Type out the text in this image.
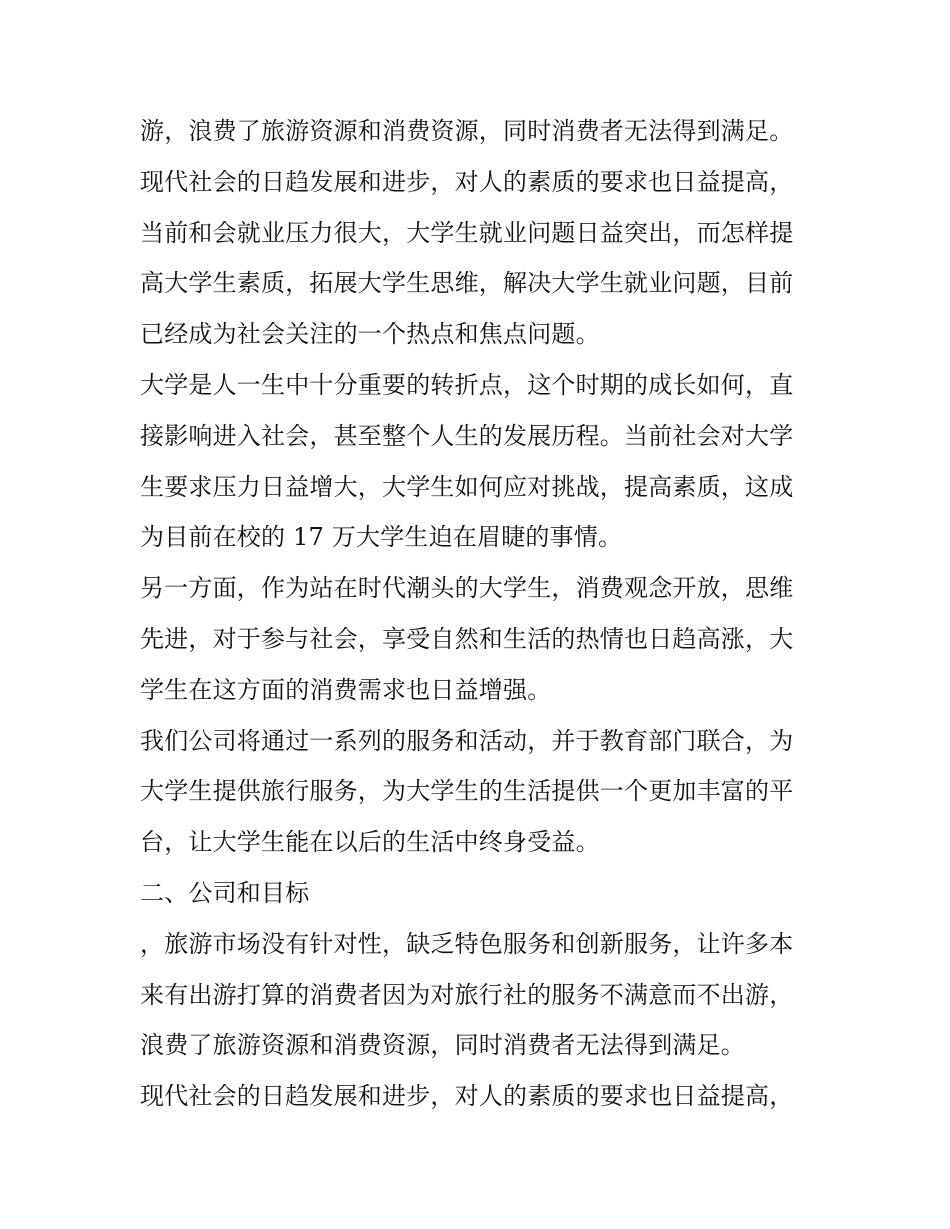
游，浪费了旅游资源和消费资源，同时消费者无法得到满足。
现代社会的日趋发展和进步，对人的素质的要求也日益提高，
当前和会就业压力很大，大学生就业问题日益突出，而怎样提
高大学生素质，拓展大学生思维，解决大学生就业问题，目前
已经成为社会关注的一个热点和焦点问题。
大学是人一生中十分重要的转折点，这个时期的成长如何，直
接影响进入社会，甚至整个人生的发展历程。当前社会对大学
生要求压力日益增大，大学生如何应对挑战，提高素质，这成
为目前在校的 17 万大学生迫在眉睫的事情。
另一方面，作为站在时代潮头的大学生，消费观念开放，思维
先进，对于参与社会，享受自然和生活的热情也日趋高涨，大
学生在这方面的消费需求也日益增强。
我们公司将通过一系列的服务和活动，并于教育部门联合，为
大学生提供旅行服务，为大学生的生活提供一个更加丰富的平
台，让大学生能在以后的生活中终身受益。
二、公司和目标
，旅游市场没有针对性，缺乏特色服务和创新服务，让许多本
来有出游打算的消费者因为对旅行社的服务不满意而不出游，
浪费了旅游资源和消费资源，同时消费者无法得到满足。
现代社会的日趋发展和进步，对人的素质的要求也日益提高，
